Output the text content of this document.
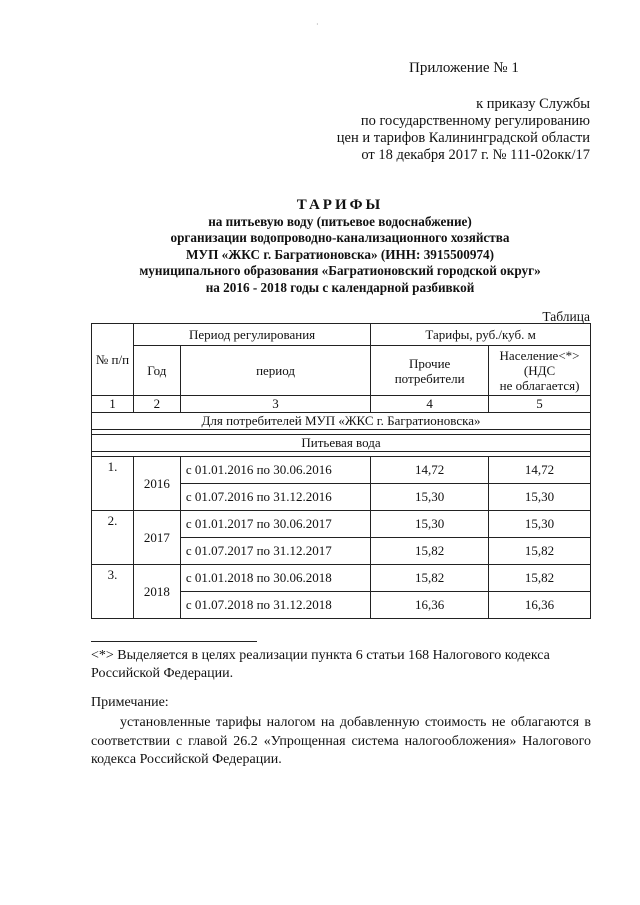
·
Приложение № 1
к приказу Службы
по государственному регулированию
цен и тарифов Калининградской области
от 18 декабря 2017 г. № 111-02окк/17
ТАРИФЫ
на питьевую воду (питьевое водоснабжение)
организации водопроводно-канализационного хозяйства
МУП «ЖКС г. Багратионовска» (ИНН: 3915500974)
муниципального образования «Багратионовский городской округ»
на 2016 - 2018 годы с календарной разбивкой
Таблица
№ п/п	Период регулирования		Тарифы, руб./куб. м	
	Год	период	Прочие потребители	Население<*>
(НДС
не облагается)

1	2	3	4	5
Для потребителей МУП «ЖКС г. Багратионовска»				

Питьевая вода				

1.	2016	с 01.01.2016 по 30.06.2016	14,72	14,72
		с 01.07.2016 по 31.12.2016	15,30	15,30
2.	2017	с 01.01.2017 по 30.06.2017	15,30	15,30
		с 01.07.2017 по 31.12.2017	15,82	15,82
3.	2018	с 01.01.2018 по 30.06.2018	15,82	15,82
		с 01.07.2018 по 31.12.2018	16,36	16,36
<*> Выделяется в целях реализации пункта 6 статьи 168 Налогового кодекса Российской Федерации.
Примечание:
установленные тарифы налогом на добавленную стоимость не облагаются в соответствии с главой 26.2 «Упрощенная система налогообложения» Налогового кодекса Российской Федерации.
